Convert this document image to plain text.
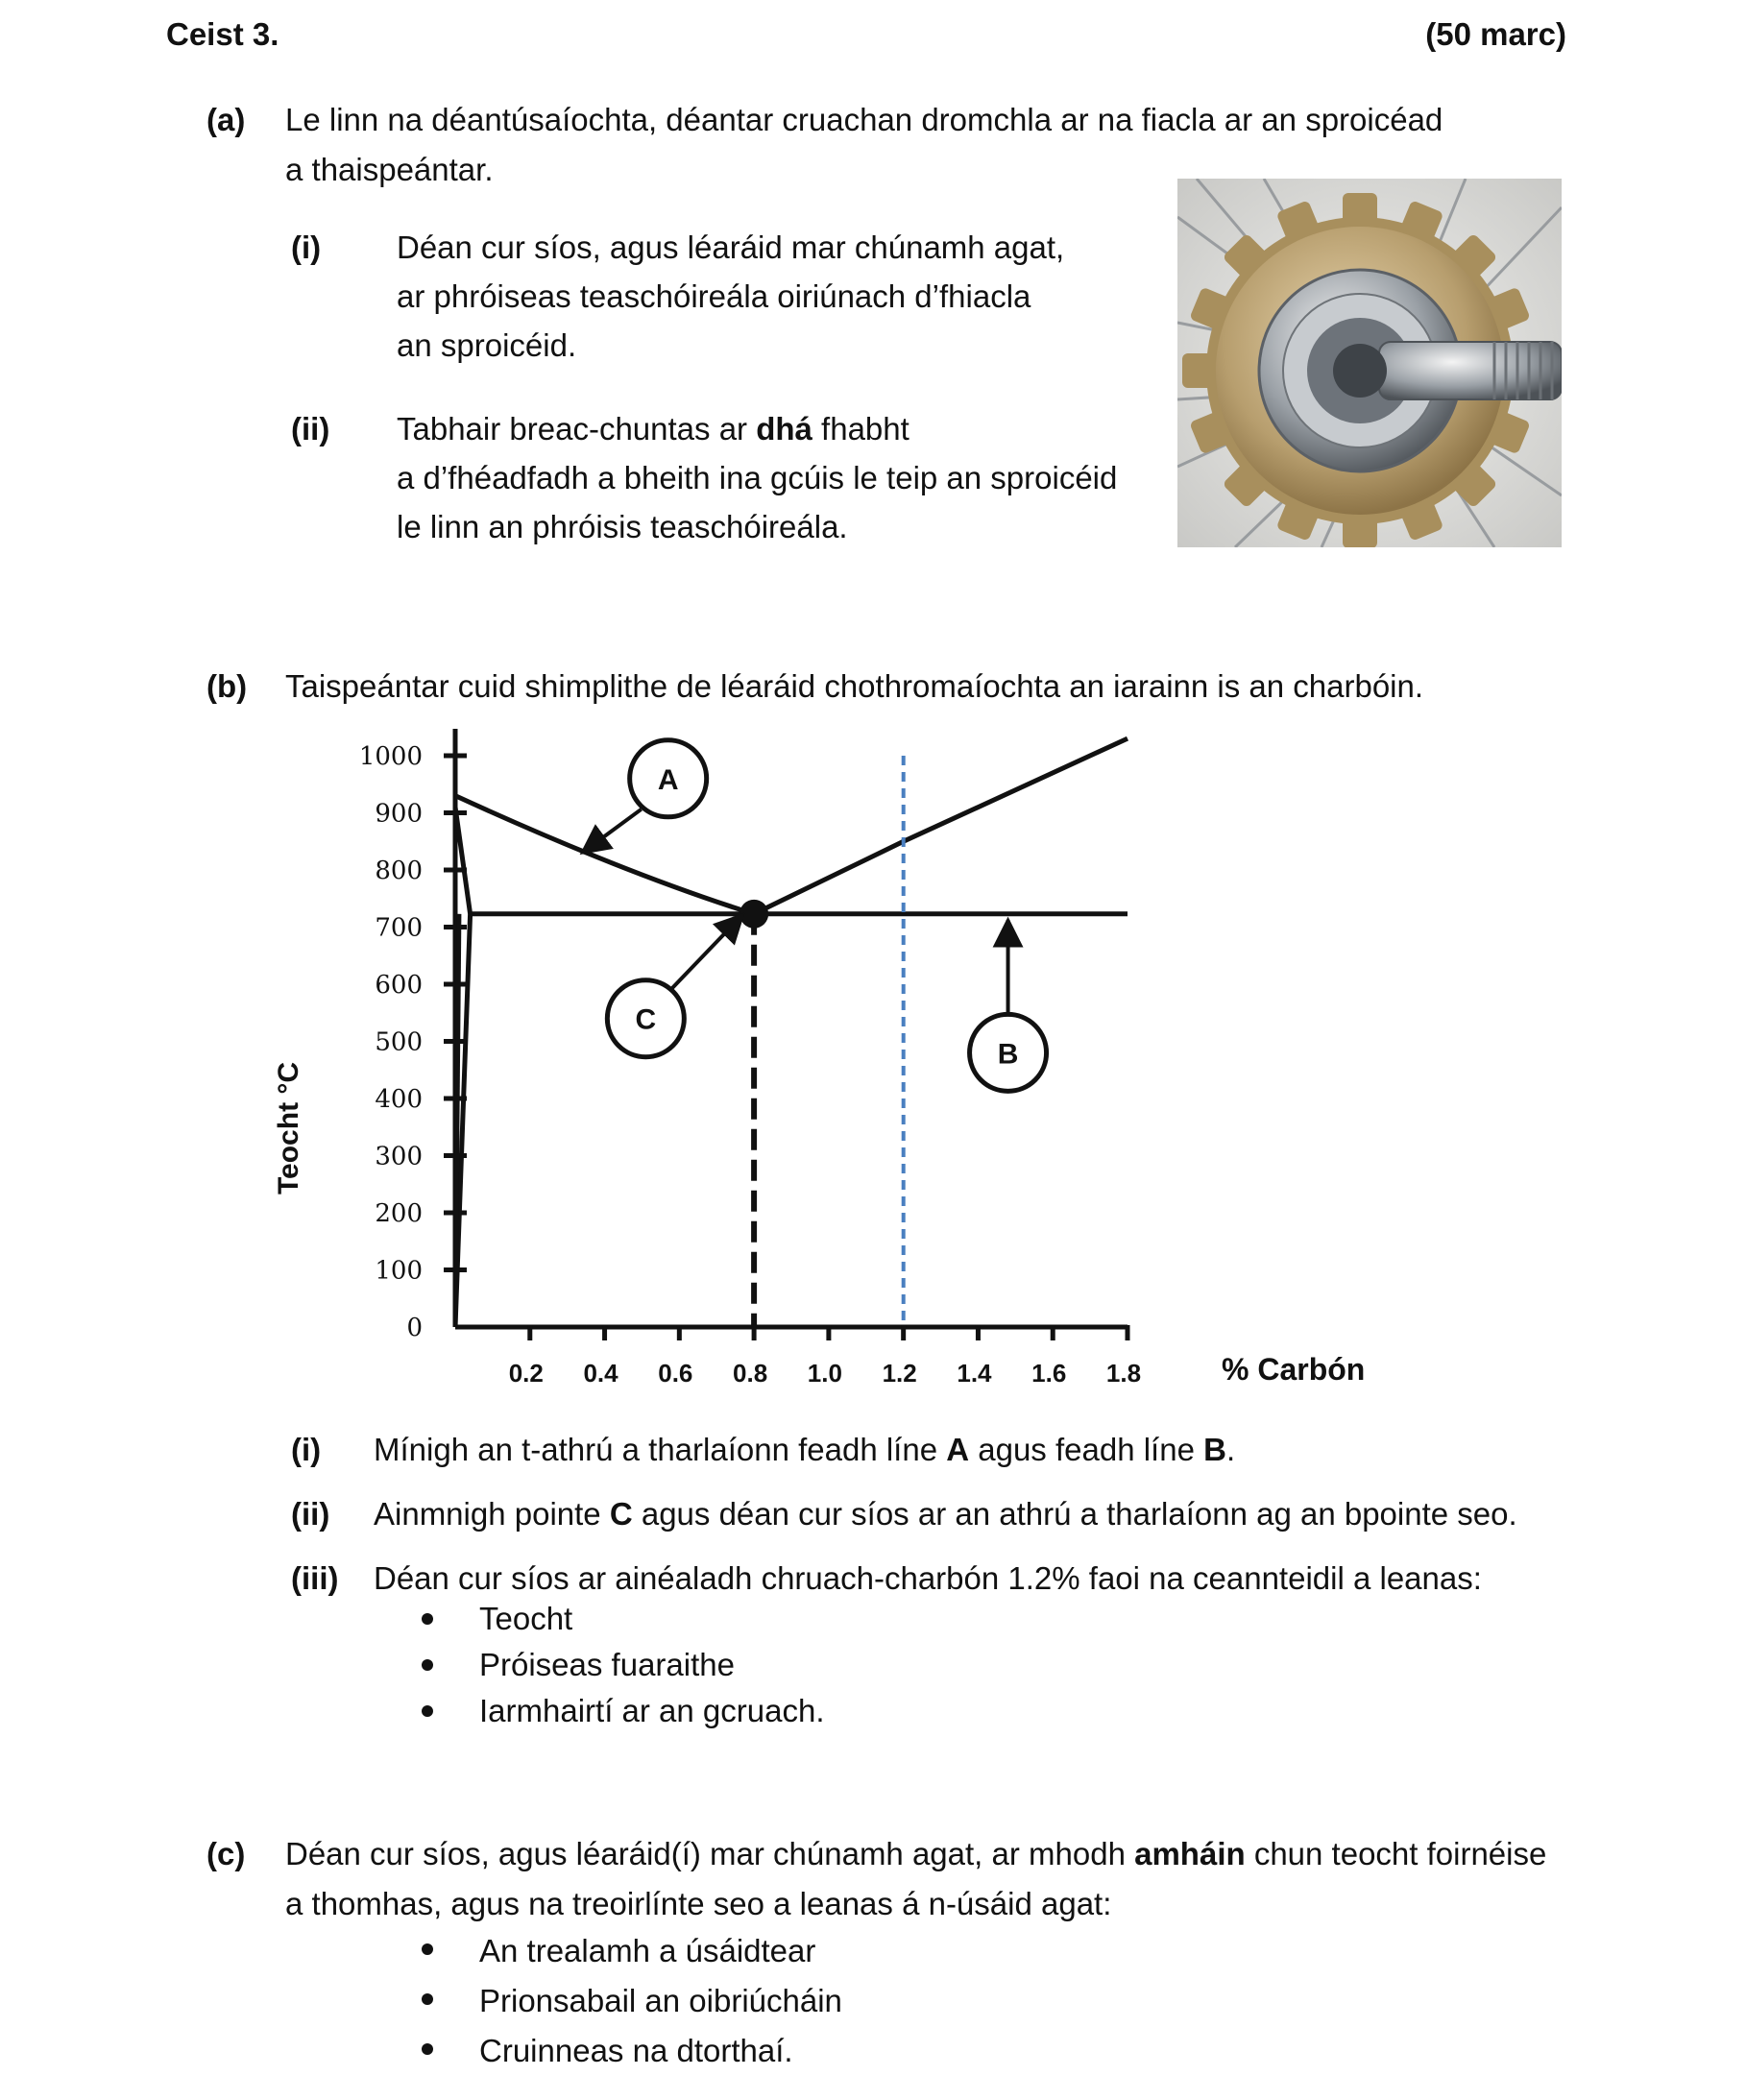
Ceist 3.	(50 marc)
(a) Le linn na déantúsaíochta, déantar cruachan dromchla ar na fiacla ar an sproicéad
a thaispeántar.
(i) Déan cur síos, agus léaráid mar chúnamh agat,
ar phróiseas teaschóireála oiriúnach d’fhiacla
an sproicéid.
(ii) Tabhair breac-chuntas ar dhá fhabht
a d’fhéadfadh a bheith ina gcúis le teip an sproicéid
le linn an phróisis teaschóireála.
(b) Taispeántar cuid shimplithe de léaráid chothromaíochta an iarainn is an charbóin.
0
100
200
300
400
500
600
700
800
900
1000
0.2 0.4 0.6 0.8 1.0 1.2 1.4 1.6 1.8
A
B
C
Teocht °C
% Carbón
(i) Mínigh an t-athrú a tharlaíonn feadh líne A agus feadh líne B.
(ii) Ainmnigh pointe C agus déan cur síos ar an athrú a tharlaíonn ag an bpointe seo.
(iii) Déan cur síos ar ainéaladh chruach-charbón 1.2% faoi na ceannteidil a leanas:
Teocht
Próiseas fuaraithe
Iarmhairtí ar an gcruach.
(c) Déan cur síos, agus léaráid(í) mar chúnamh agat, ar mhodh amháin chun teocht foirnéise
a thomhas, agus na treoirlínte seo a leanas á n-úsáid agat:
An trealamh a úsáidtear
Prionsabail an oibriúcháin
Cruinneas na dtorthaí.
